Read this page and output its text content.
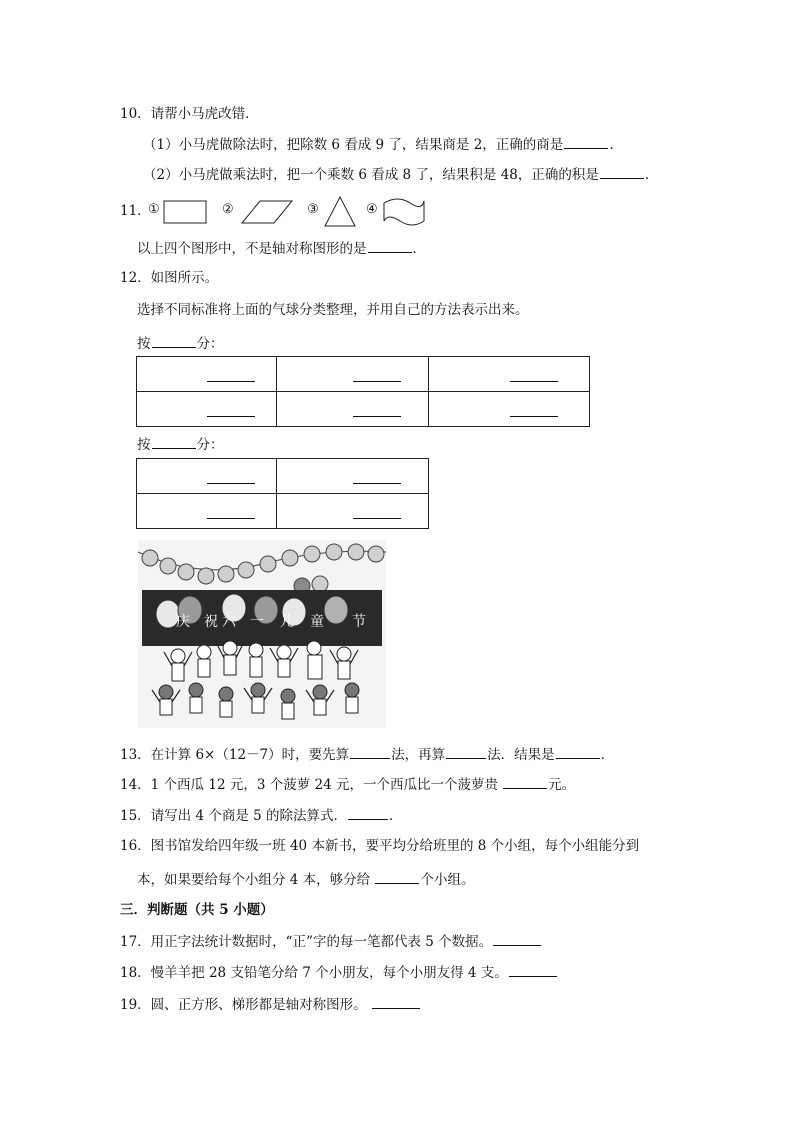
10．请帮小马虎改错．
（1）小马虎做除法时，把除数 6 看成 9 了，结果商是 2，正确的商是	．
（2）小马虎做乘法时，把一个乘数 6 看成 8 了，结果积是 48，正确的积是	．
11．
①	②	③	④
以上四个图形中，不是轴对称图形的是	．
12．如图所示。
选择不同标准将上面的气球分类整理，并用自己的方法表示出来。
按	分：

按	分：

庆 祝 六 一 儿 童 节
13．在计算 6×（12－7）时，要先算	法，再算	法．结果是	．
14．1 个西瓜 12 元，3 个菠萝 24 元，一个西瓜比一个菠萝贵	元。
15．请写出 4 个商是 5 的除法算式．	．
16．图书馆发给四年级一班 40 本新书，要平均分给班里的 8 个小组，每个小组能分到
本，如果要给每个小组分 4 本，够分给	个小组。
三．判断题（共 5 小题）
17．用正字法统计数据时，“正”字的每一笔都代表 5 个数据。
18．慢羊羊把 28 支铅笔分给 7 个小朋友，每个小朋友得 4 支。
19．圆、正方形、梯形都是轴对称图形。
